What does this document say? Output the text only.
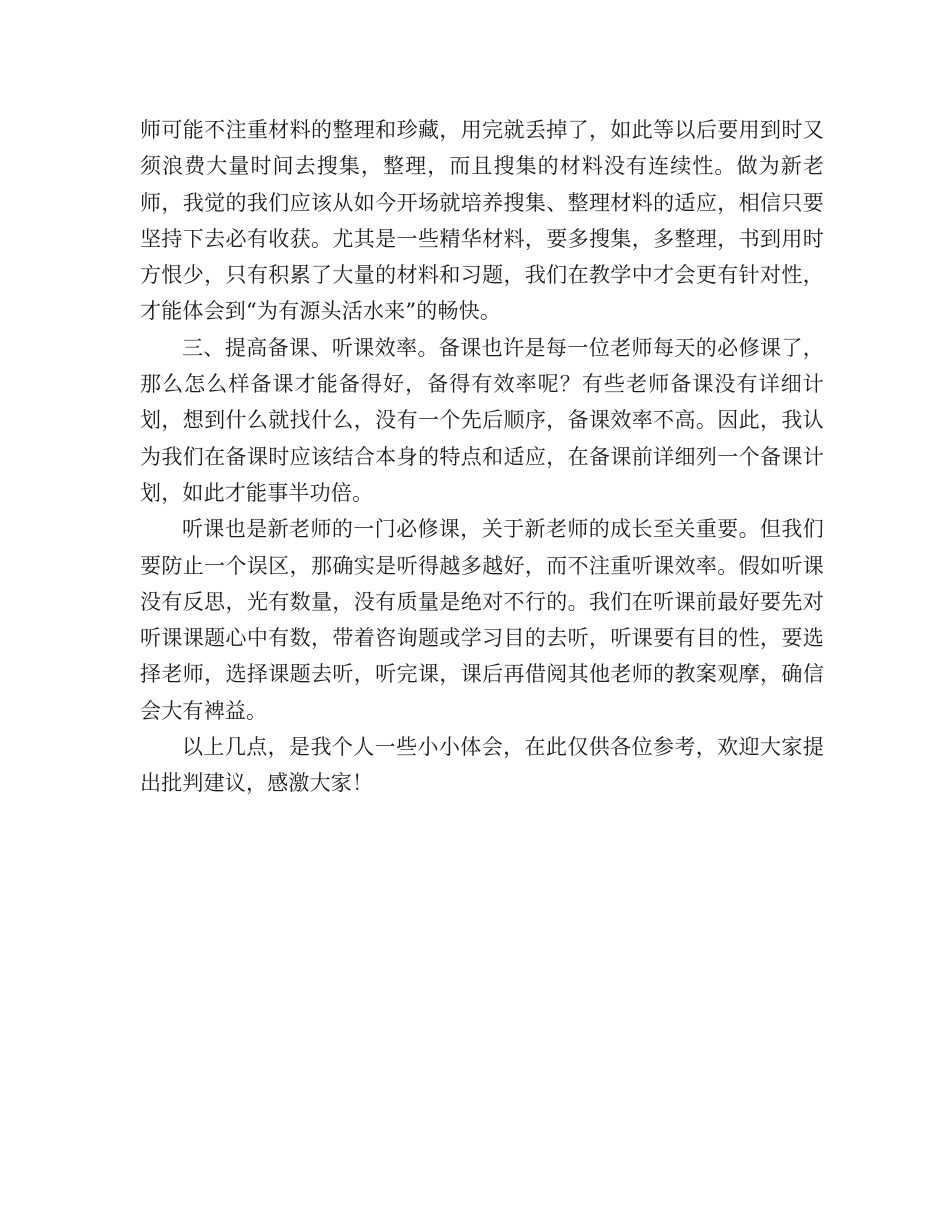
师可能不注重材料的整理和珍藏，用完就丢掉了，如此等以后要用到时又须浪费大量时间去搜集，整理，而且搜集的材料没有连续性。做为新老师，我觉的我们应该从如今开场就培养搜集、整理材料的适应，相信只要坚持下去必有收获。尤其是一些精华材料，要多搜集，多整理，书到用时方恨少，只有积累了大量的材料和习题，我们在教学中才会更有针对性，才能体会到“为有源头活水来”的畅快。

三、提高备课、听课效率。备课也许是每一位老师每天的必修课了，那么怎么样备课才能备得好，备得有效率呢？有些老师备课没有详细计划，想到什么就找什么，没有一个先后顺序，备课效率不高。因此，我认为我们在备课时应该结合本身的特点和适应，在备课前详细列一个备课计划，如此才能事半功倍。

听课也是新老师的一门必修课，关于新老师的成长至关重要。但我们要防止一个误区，那确实是听得越多越好，而不注重听课效率。假如听课没有反思，光有数量，没有质量是绝对不行的。我们在听课前最好要先对听课课题心中有数，带着咨询题或学习目的去听，听课要有目的性，要选择老师，选择课题去听，听完课，课后再借阅其他老师的教案观摩，确信会大有裨益。

以上几点，是我个人一些小小体会，在此仅供各位参考，欢迎大家提出批判建议，感激大家！
